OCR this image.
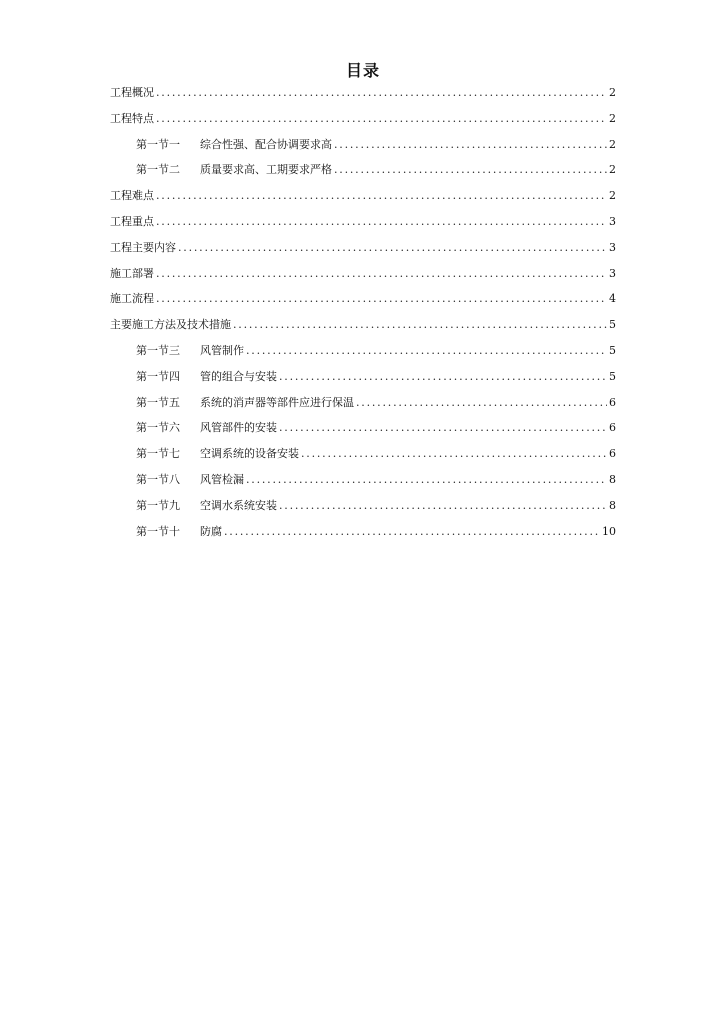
目录
工程概况 .....	2
工程特点 .....	2
第一节一	综合性强、配合协调要求高 .....	2
第一节二	质量要求高、工期要求严格 .....	2
工程难点 .....	2
工程重点 .....	3
工程主要内容 .....	3
施工部署 .....	3
施工流程 .....	4
主要施工方法及技术措施 .....	5
第一节三	风管制作 .....	5
第一节四	管的组合与安装 .....	5
第一节五	系统的消声器等部件应进行保温 .....	6
第一节六	风管部件的安装 .....	6
第一节七	空调系统的设备安装 .....	6
第一节八	风管检漏 .....	8
第一节九	空调水系统安装 .....	8
第一节十	防腐 .....	10
